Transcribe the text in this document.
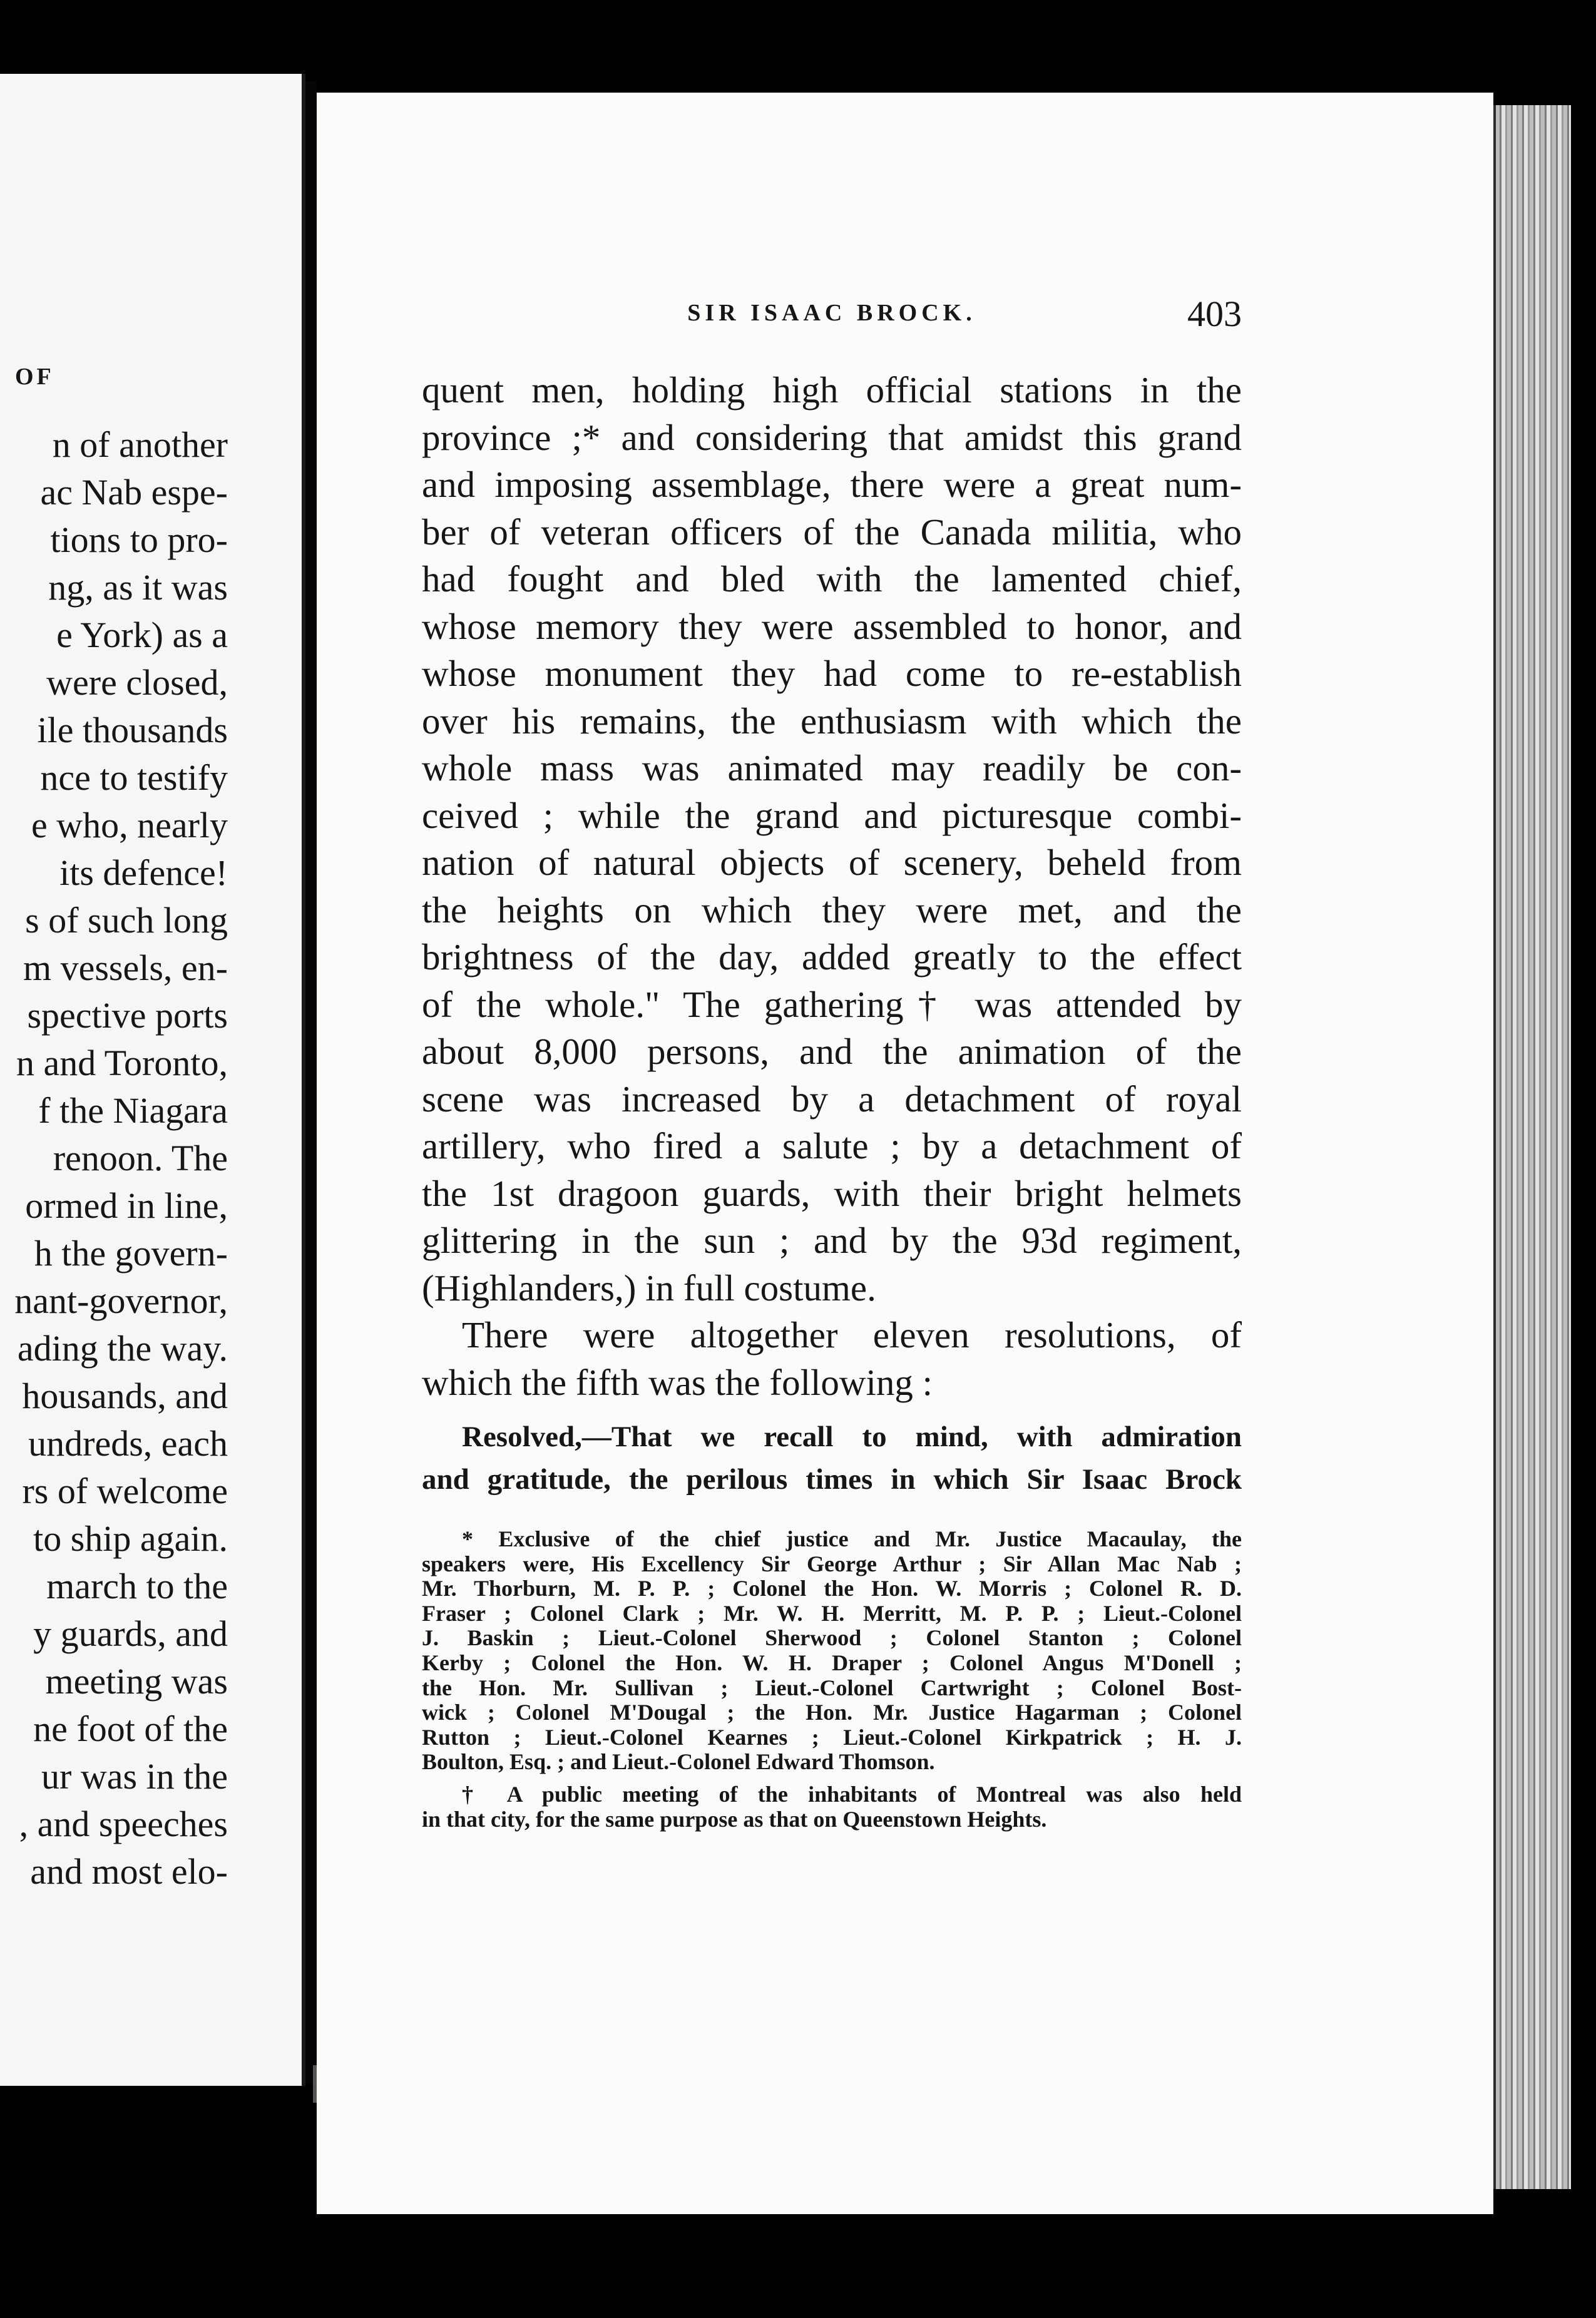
OF
n of another
ac Nab espe-
tions to pro-
ng, as it was
e York) as a
were closed,
ile thousands
nce to testify
e who, nearly
its defence!
s of such long
m vessels, en-
spective ports
n and Toronto,
f the Niagara
renoon. The
ormed in line,
h the govern-
nant-governor,
ading the way.
housands, and
undreds, each
rs of welcome
to ship again.
march to the
y guards, and
meeting was
ne foot of the
ur was in the
, and speeches
and most elo-
SIR ISAAC BROCK.	403
quent men, holding high official stations in the
province ;* and considering that amidst this grand
and imposing assemblage, there were a great num-
ber of veteran officers of the Canada militia, who
had fought and bled with the lamented chief,
whose memory they were assembled to honor, and
whose monument they had come to re-establish
over his remains, the enthusiasm with which the
whole mass was animated may readily be con-
ceived ; while the grand and picturesque combi-
nation of natural objects of scenery, beheld from
the heights on which they were met, and the
brightness of the day, added greatly to the effect
of the whole." The gathering† was attended by
about 8,000 persons, and the animation of the
scene was increased by a detachment of royal
artillery, who fired a salute ; by a detachment of
the 1st dragoon guards, with their bright helmets
glittering in the sun ; and by the 93d regiment,
(Highlanders,) in full costume.
There were altogether eleven resolutions, of
which the fifth was the following :
Resolved,—That we recall to mind, with admiration
and gratitude, the perilous times in which Sir Isaac Brock
* Exclusive of the chief justice and Mr. Justice Macaulay, the
speakers were, His Excellency Sir George Arthur ; Sir Allan Mac Nab ;
Mr. Thorburn, M. P. P. ; Colonel the Hon. W. Morris ; Colonel R. D.
Fraser ; Colonel Clark ; Mr. W. H. Merritt, M. P. P. ; Lieut.-Colonel
J. Baskin ; Lieut.-Colonel Sherwood ; Colonel Stanton ; Colonel
Kerby ; Colonel the Hon. W. H. Draper ; Colonel Angus M'Donell ;
the Hon. Mr. Sullivan ; Lieut.-Colonel Cartwright ; Colonel Bost-
wick ; Colonel M'Dougal ; the Hon. Mr. Justice Hagarman ; Colonel
Rutton ; Lieut.-Colonel Kearnes ; Lieut.-Colonel Kirkpatrick ; H. J.
Boulton, Esq. ; and Lieut.-Colonel Edward Thomson.
† A public meeting of the inhabitants of Montreal was also held
in that city, for the same purpose as that on Queenstown Heights.
